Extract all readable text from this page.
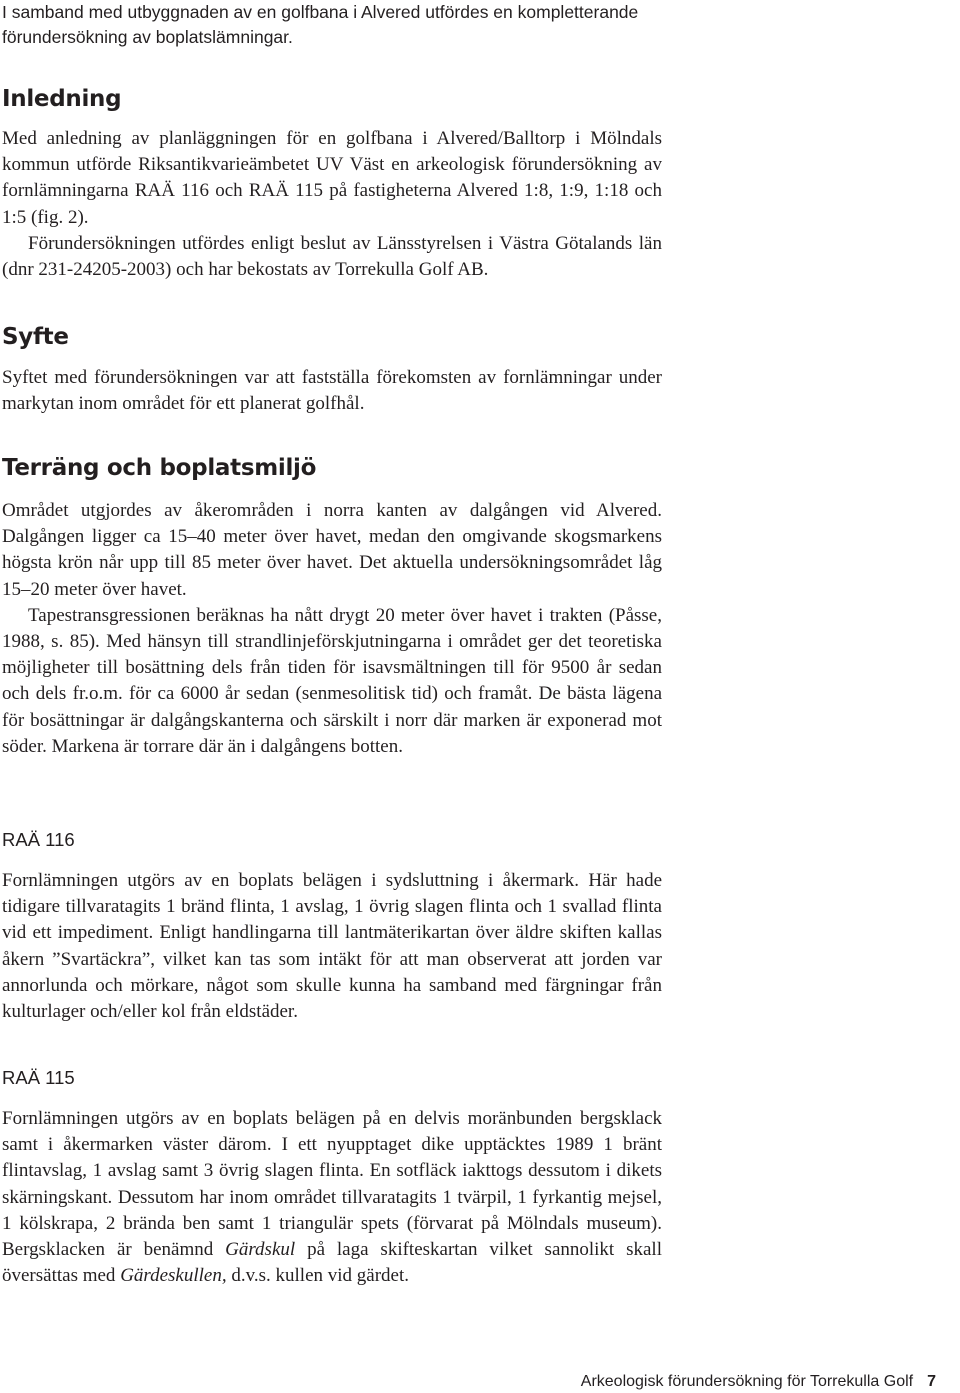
I samband med utbyggnaden av en golfbana i Alvered utfördes en kompletterande
förundersökning av boplatslämningar.
Inledning

Med anledning av planläggningen för en golfbana i Alvered/Balltorp i Mölndals kommun utförde Riksantikvarieämbetet UV Väst en arkeologisk förundersökning av fornlämningarna RAÄ 116 och RAÄ 115 på fastigheterna Alvered 1:8, 1:9, 1:18 och 1:5 (fig. 2).

Förundersökningen utfördes enligt beslut av Länsstyrelsen i Västra Götalands län (dnr 231-24205-2003) och har bekostats av Torrekulla Golf AB.

Syfte

Syftet med förundersökningen var att fastställa förekomsten av fornlämningar under markytan inom området för ett planerat golfhål.

Terräng och boplatsmiljö

Området utgjordes av åkerområden i norra kanten av dalgången vid Alvered. Dalgången ligger ca 15–40 meter över havet, medan den omgivande skogsmarkens högsta krön når upp till 85 meter över havet. Det aktuella undersökningsområdet låg 15–20 meter över havet.

Tapestransgressionen beräknas ha nått drygt 20 meter över havet i trakten (Påsse, 1988, s. 85). Med hänsyn till strandlinjeförskjutningarna i området ger det teoretiska möjligheter till bosättning dels från tiden för isavsmältningen till för 9500 år sedan och dels fr.o.m. för ca 6000 år sedan (senmesolitisk tid) och framåt. De bästa lägena för bosättningar är dalgångskanterna och särskilt i norr där marken är exponerad mot söder. Markena är torrare där än i dalgångens botten.

RAÄ 116

Fornlämningen utgörs av en boplats belägen i sydsluttning i åkermark. Här hade tidigare tillvaratagits 1 bränd flinta, 1 avslag, 1 övrig slagen flinta och 1 svallad flinta vid ett impediment. Enligt handlingarna till lantmäterikartan över äldre skiften kallas åkern ”Svartäckra”, vilket kan tas som intäkt för att man observerat att jorden var annorlunda och mörkare, något som skulle kunna ha samband med färgningar från kulturlager och/eller kol från eldstäder.

RAÄ 115

Fornlämningen utgörs av en boplats belägen på en delvis moränbunden bergsklack samt i åkermarken väster därom. I ett nyupptaget dike upptäcktes 1989 1 bränt flintavslag, 1 avslag samt 3 övrig slagen flinta. En sotfläck iakttogs dessutom i dikets skärningskant. Dessutom har inom området tillvaratagits 1 tvärpil, 1 fyrkantig mejsel, 1 kölskrapa, 2 brända ben samt 1 triangulär spets (förvarat på Mölndals museum). Bergsklacken är benämnd Gärdskul på laga skifteskartan vilket sannolikt skall översättas med Gärdeskullen, d.v.s. kullen vid gärdet.

Arkeologisk förundersökning för Torrekulla Golf 7
